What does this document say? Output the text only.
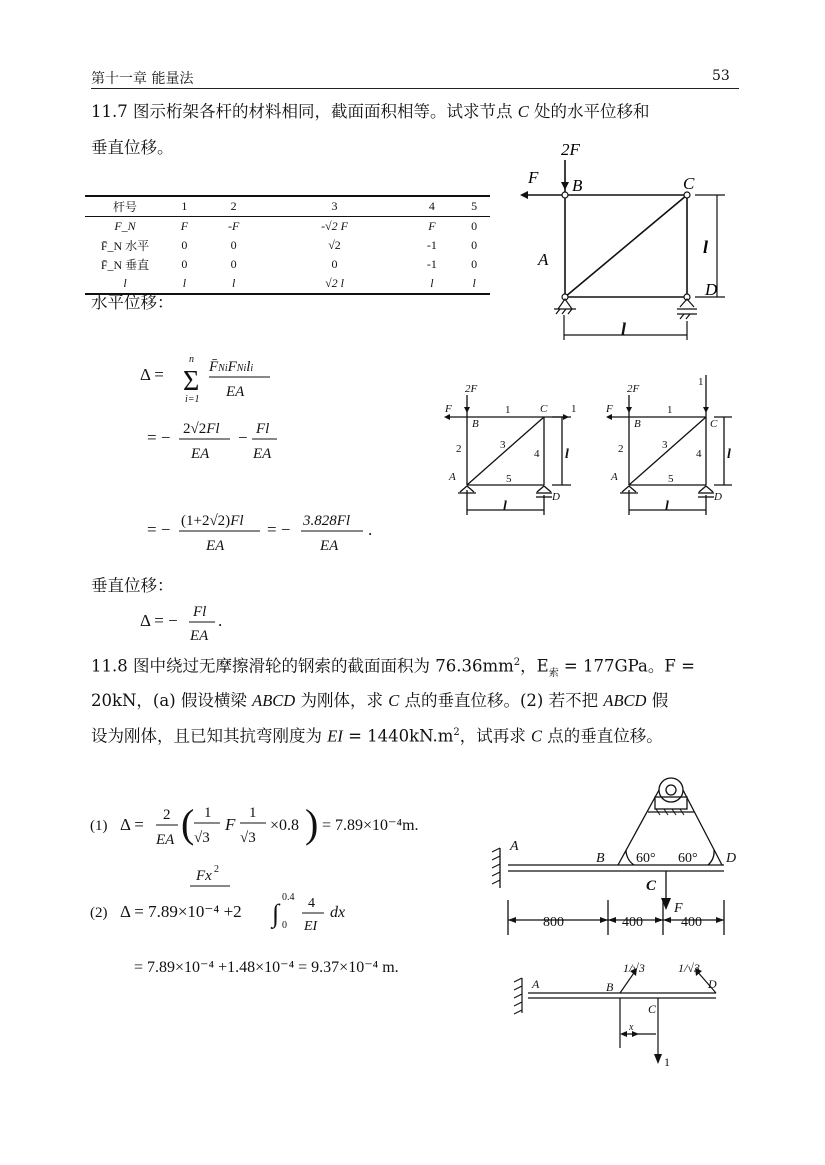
第十一章 能量法	53
11.7 图示桁架各杆的材料相同，截面面积相等。试求节点 C 处的水平位移和
垂直位移。
杆号	1	2	3	4	5
F_N	F	-F	-√2 F	F	0
F̄_N 水平	0	0	√2	-1	0
F̄_N 垂直	0	0	0	-1	0
l	l	l	√2 l	l	l
2F
F B	C
A
D
l
l
水平位移：
Δ = Σ
n
i=1
F̄NiFNili
EA
= − 2√2Fl
EA
− Fl
EA
= − (1+2√2)Fl
EA
= − 3.828Fl
EA
.
2F
F
B
C 1
1
2	3
4
5
A
D
l
l
2F
F
B	C
1
1
2	3
4
5
A
D
l
l
垂直位移：
Δ = − Fl
EA
.
11.8 图中绕过无摩擦滑轮的钢索的截面面积为 $76.36mm^2$，$E_索 = 177GPa$。F =
20kN，(a) 假设横梁 ABCD 为刚体，求 C 点的垂直位移。(2) 若不把 ABCD 假
设为刚体，且已知其抗弯刚度为 EI = $1440kN.m^2$，试再求 C 点的垂直位移。
(1) Δ = 2
EA ( 1
√3
F
1
√3
×0.8 ) = 7.89×10⁻⁴m.
Fx 2
(2) Δ = 7.89×10⁻⁴ +2 ∫
0.4
0
4
EI
dx
= 7.89×10⁻⁴ +1.48×10⁻⁴ = 9.37×10⁻⁴ m.
A
B 60° 60° D
C
F
800	400	400
A	B	D
C
1/√3	1/√3
x
1
